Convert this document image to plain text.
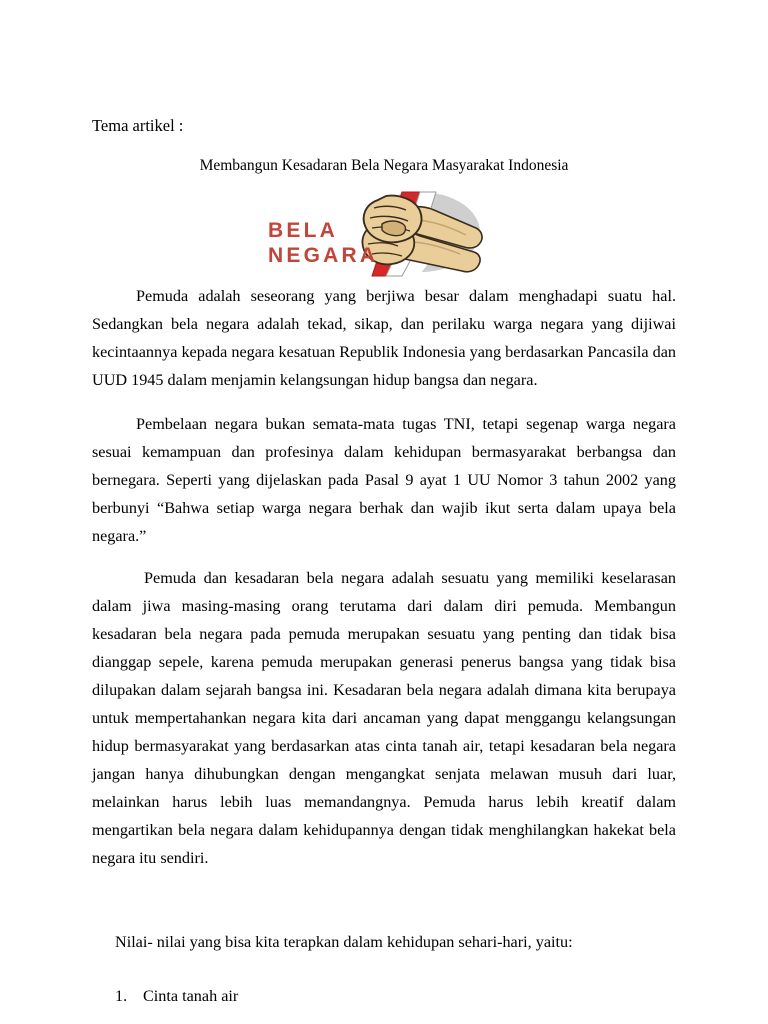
Tema artikel :
Membangun Kesadaran Bela Negara Masyarakat Indonesia
BELA
NEGARA

Pemuda adalah seseorang yang berjiwa besar dalam menghadapi suatu hal. Sedangkan bela negara adalah tekad, sikap, dan perilaku warga negara yang dijiwai kecintaannya kepada negara kesatuan Republik Indonesia yang berdasarkan Pancasila dan UUD 1945 dalam menjamin kelangsungan hidup bangsa dan negara.

Pembelaan negara bukan semata-mata tugas TNI, tetapi segenap warga negara sesuai kemampuan dan profesinya dalam kehidupan bermasyarakat berbangsa dan bernegara. Seperti yang dijelaskan pada Pasal 9 ayat 1 UU Nomor 3 tahun 2002 yang berbunyi “Bahwa setiap warga negara berhak dan wajib ikut serta dalam upaya bela negara.”

Pemuda dan kesadaran bela negara adalah sesuatu yang memiliki keselarasan dalam jiwa masing-masing orang terutama dari dalam diri pemuda. Membangun kesadaran bela negara pada pemuda merupakan sesuatu yang penting dan tidak bisa dianggap sepele, karena pemuda merupakan generasi penerus bangsa yang tidak bisa dilupakan dalam sejarah bangsa ini. Kesadaran bela negara adalah dimana kita berupaya untuk mempertahankan negara kita dari ancaman yang dapat menggangu kelangsungan hidup bermasyarakat yang berdasarkan atas cinta tanah air, tetapi kesadaran bela negara jangan hanya dihubungkan dengan mengangkat senjata melawan musuh dari luar, melainkan harus lebih luas memandangnya. Pemuda harus lebih kreatif dalam mengartikan bela negara dalam kehidupannya dengan tidak menghilangkan hakekat bela negara itu sendiri.

Nilai- nilai yang bisa kita terapkan dalam kehidupan sehari-hari, yaitu:
1. Cinta tanah air
